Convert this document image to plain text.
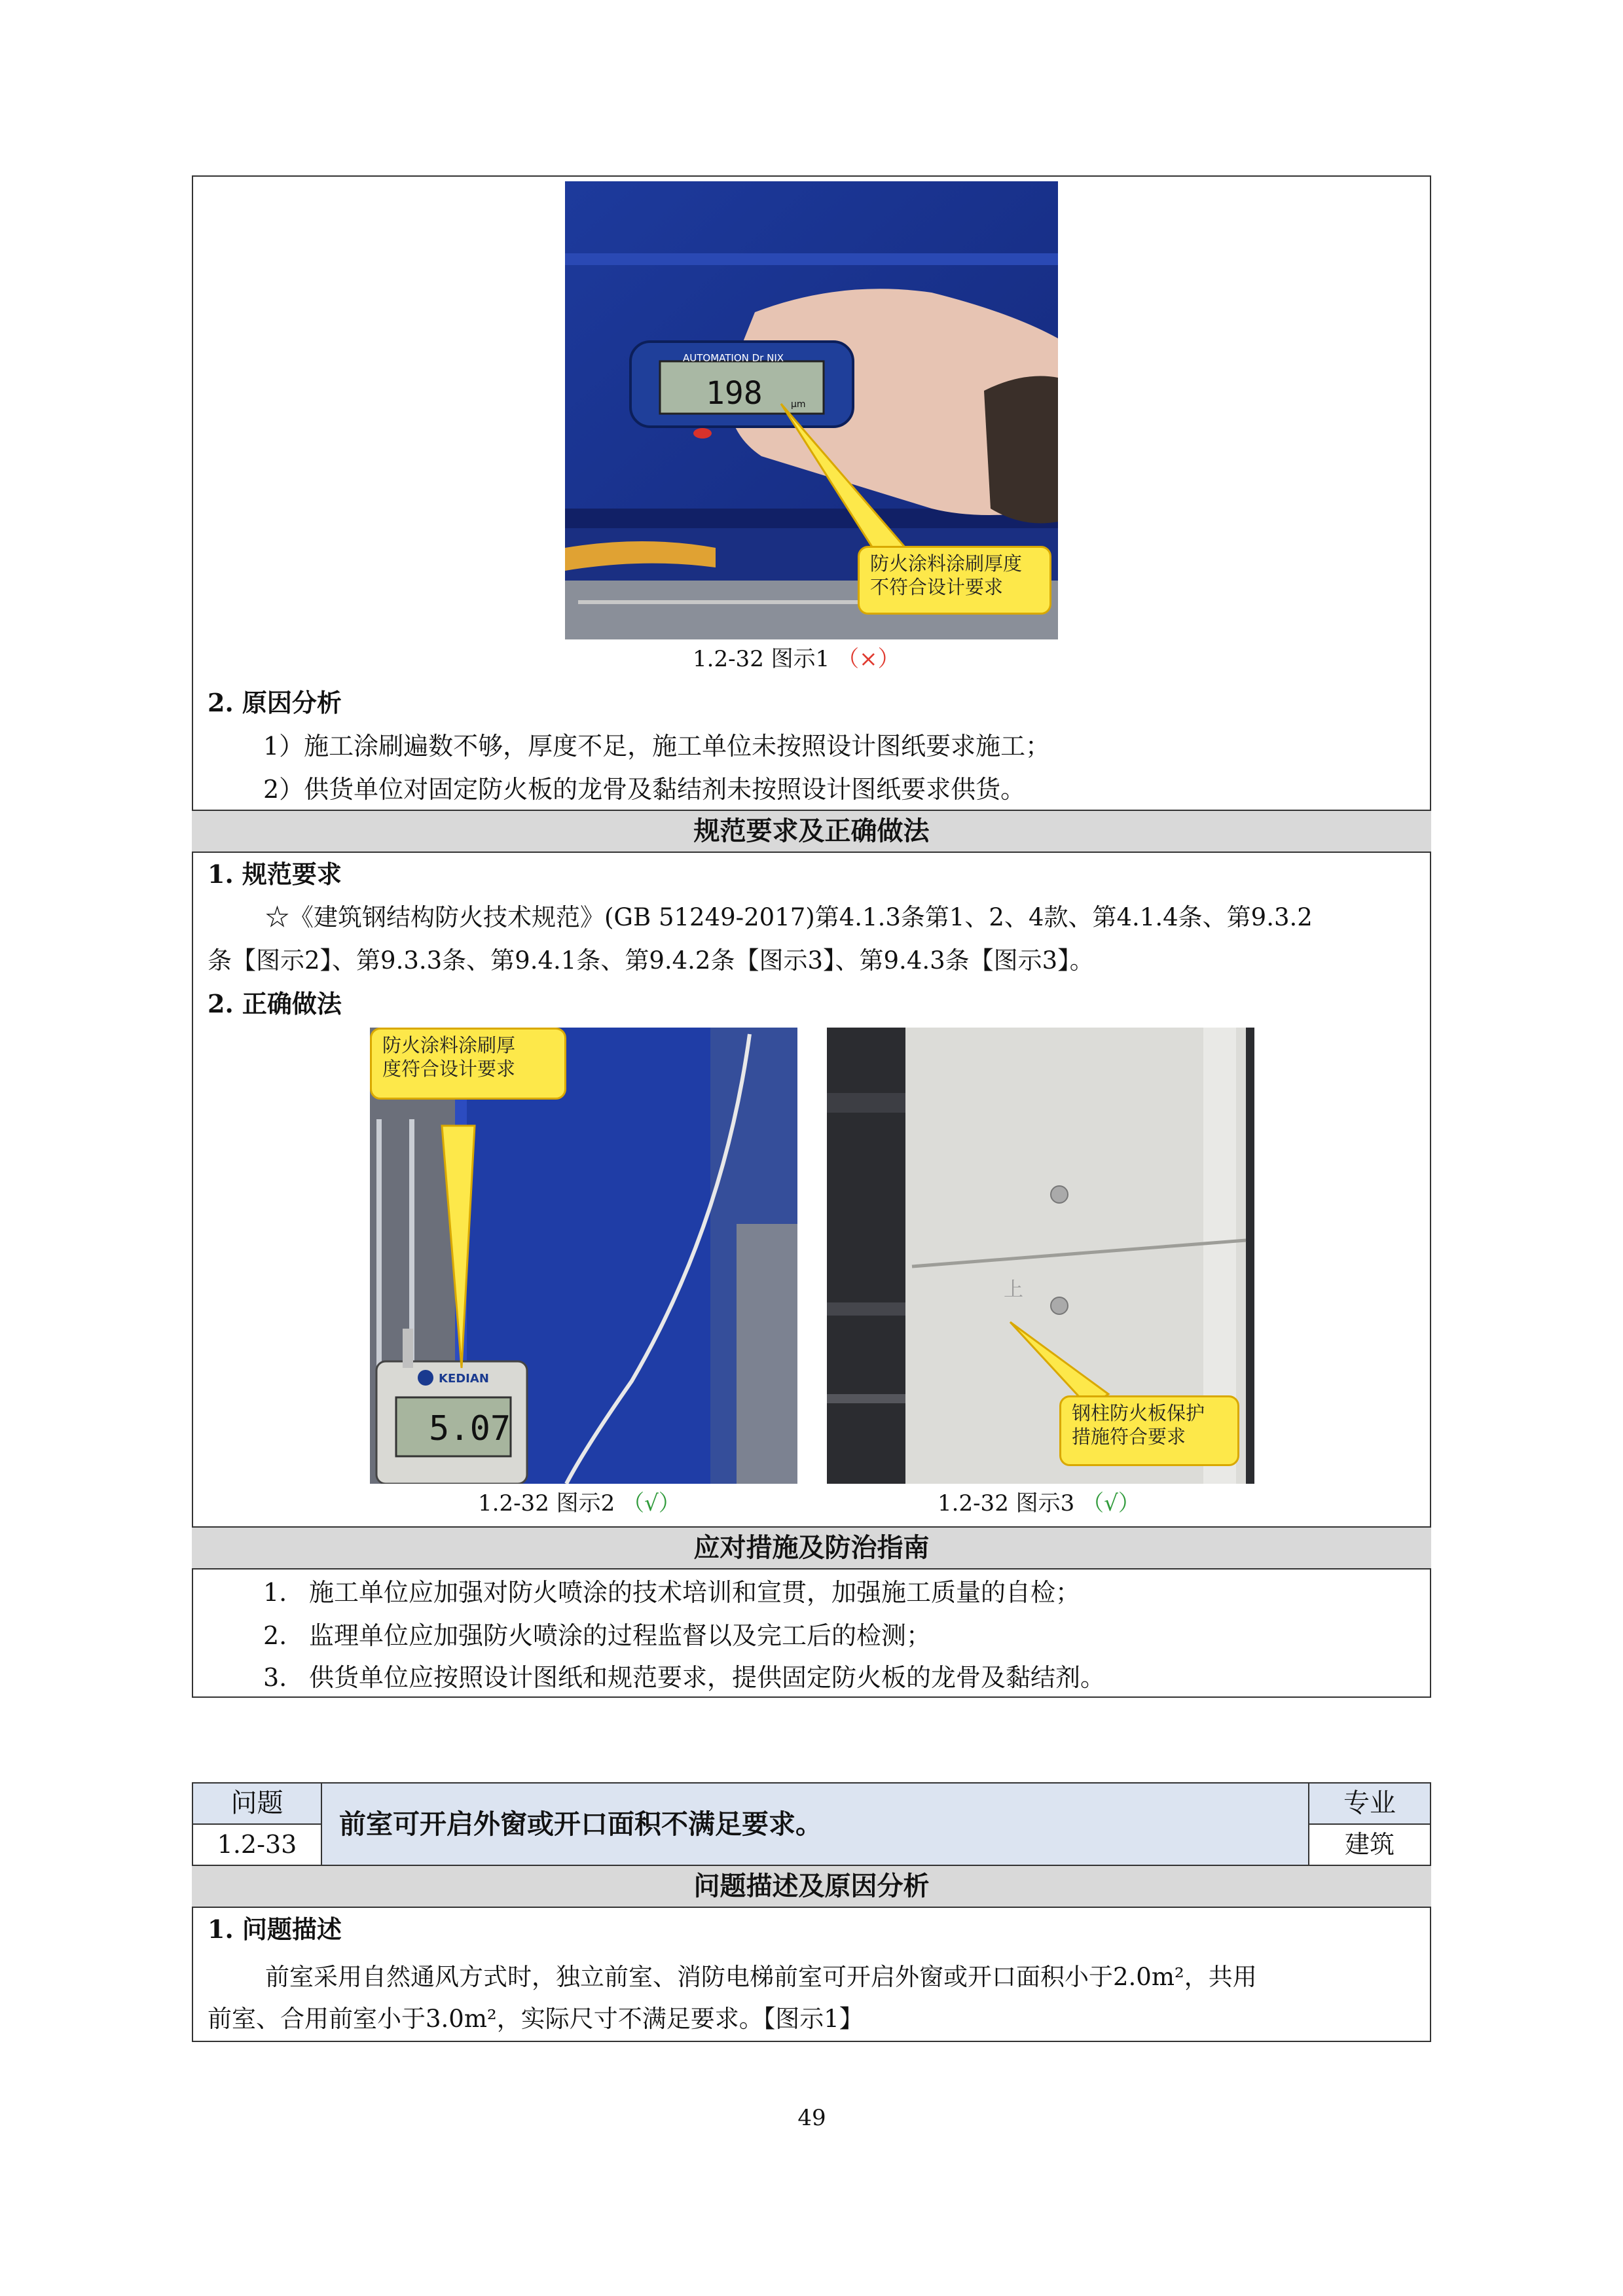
AUTOMATION Dr NIX
198	μm
防火涂料涂刷厚度
不符合设计要求
1.2-32 图示1 （×）
2. 原因分析
1）施工涂刷遍数不够，厚度不足，施工单位未按照设计图纸要求施工；
2）供货单位对固定防火板的龙骨及黏结剂未按照设计图纸要求供货。
规范要求及正确做法
1. 规范要求
☆《建筑钢结构防火技术规范》(GB 51249-2017)第4.1.3条第1、2、4款、第4.1.4条、第9.3.2
条【图示2】、第9.3.3条、第9.4.1条、第9.4.2条【图示3】、第9.4.3条【图示3】。
2. 正确做法
KEDIAN
5.07
防火涂料涂刷厚
度符合设计要求
上
钢柱防火板保护
措施符合要求
1.2-32 图示2 （√）	1.2-32 图示3 （√）
应对措施及防治指南
1. 施工单位应加强对防火喷涂的技术培训和宣贯，加强施工质量的自检；
2. 监理单位应加强防火喷涂的过程监督以及完工后的检测；
3. 供货单位应按照设计图纸和规范要求，提供固定防火板的龙骨及黏结剂。
问题
1.2-33
前室可开启外窗或开口面积不满足要求。
专业
建筑
问题描述及原因分析
1. 问题描述
前室采用自然通风方式时，独立前室、消防电梯前室可开启外窗或开口面积小于2.0m²，共用
前室、合用前室小于3.0m²，实际尺寸不满足要求。【图示1】
49
